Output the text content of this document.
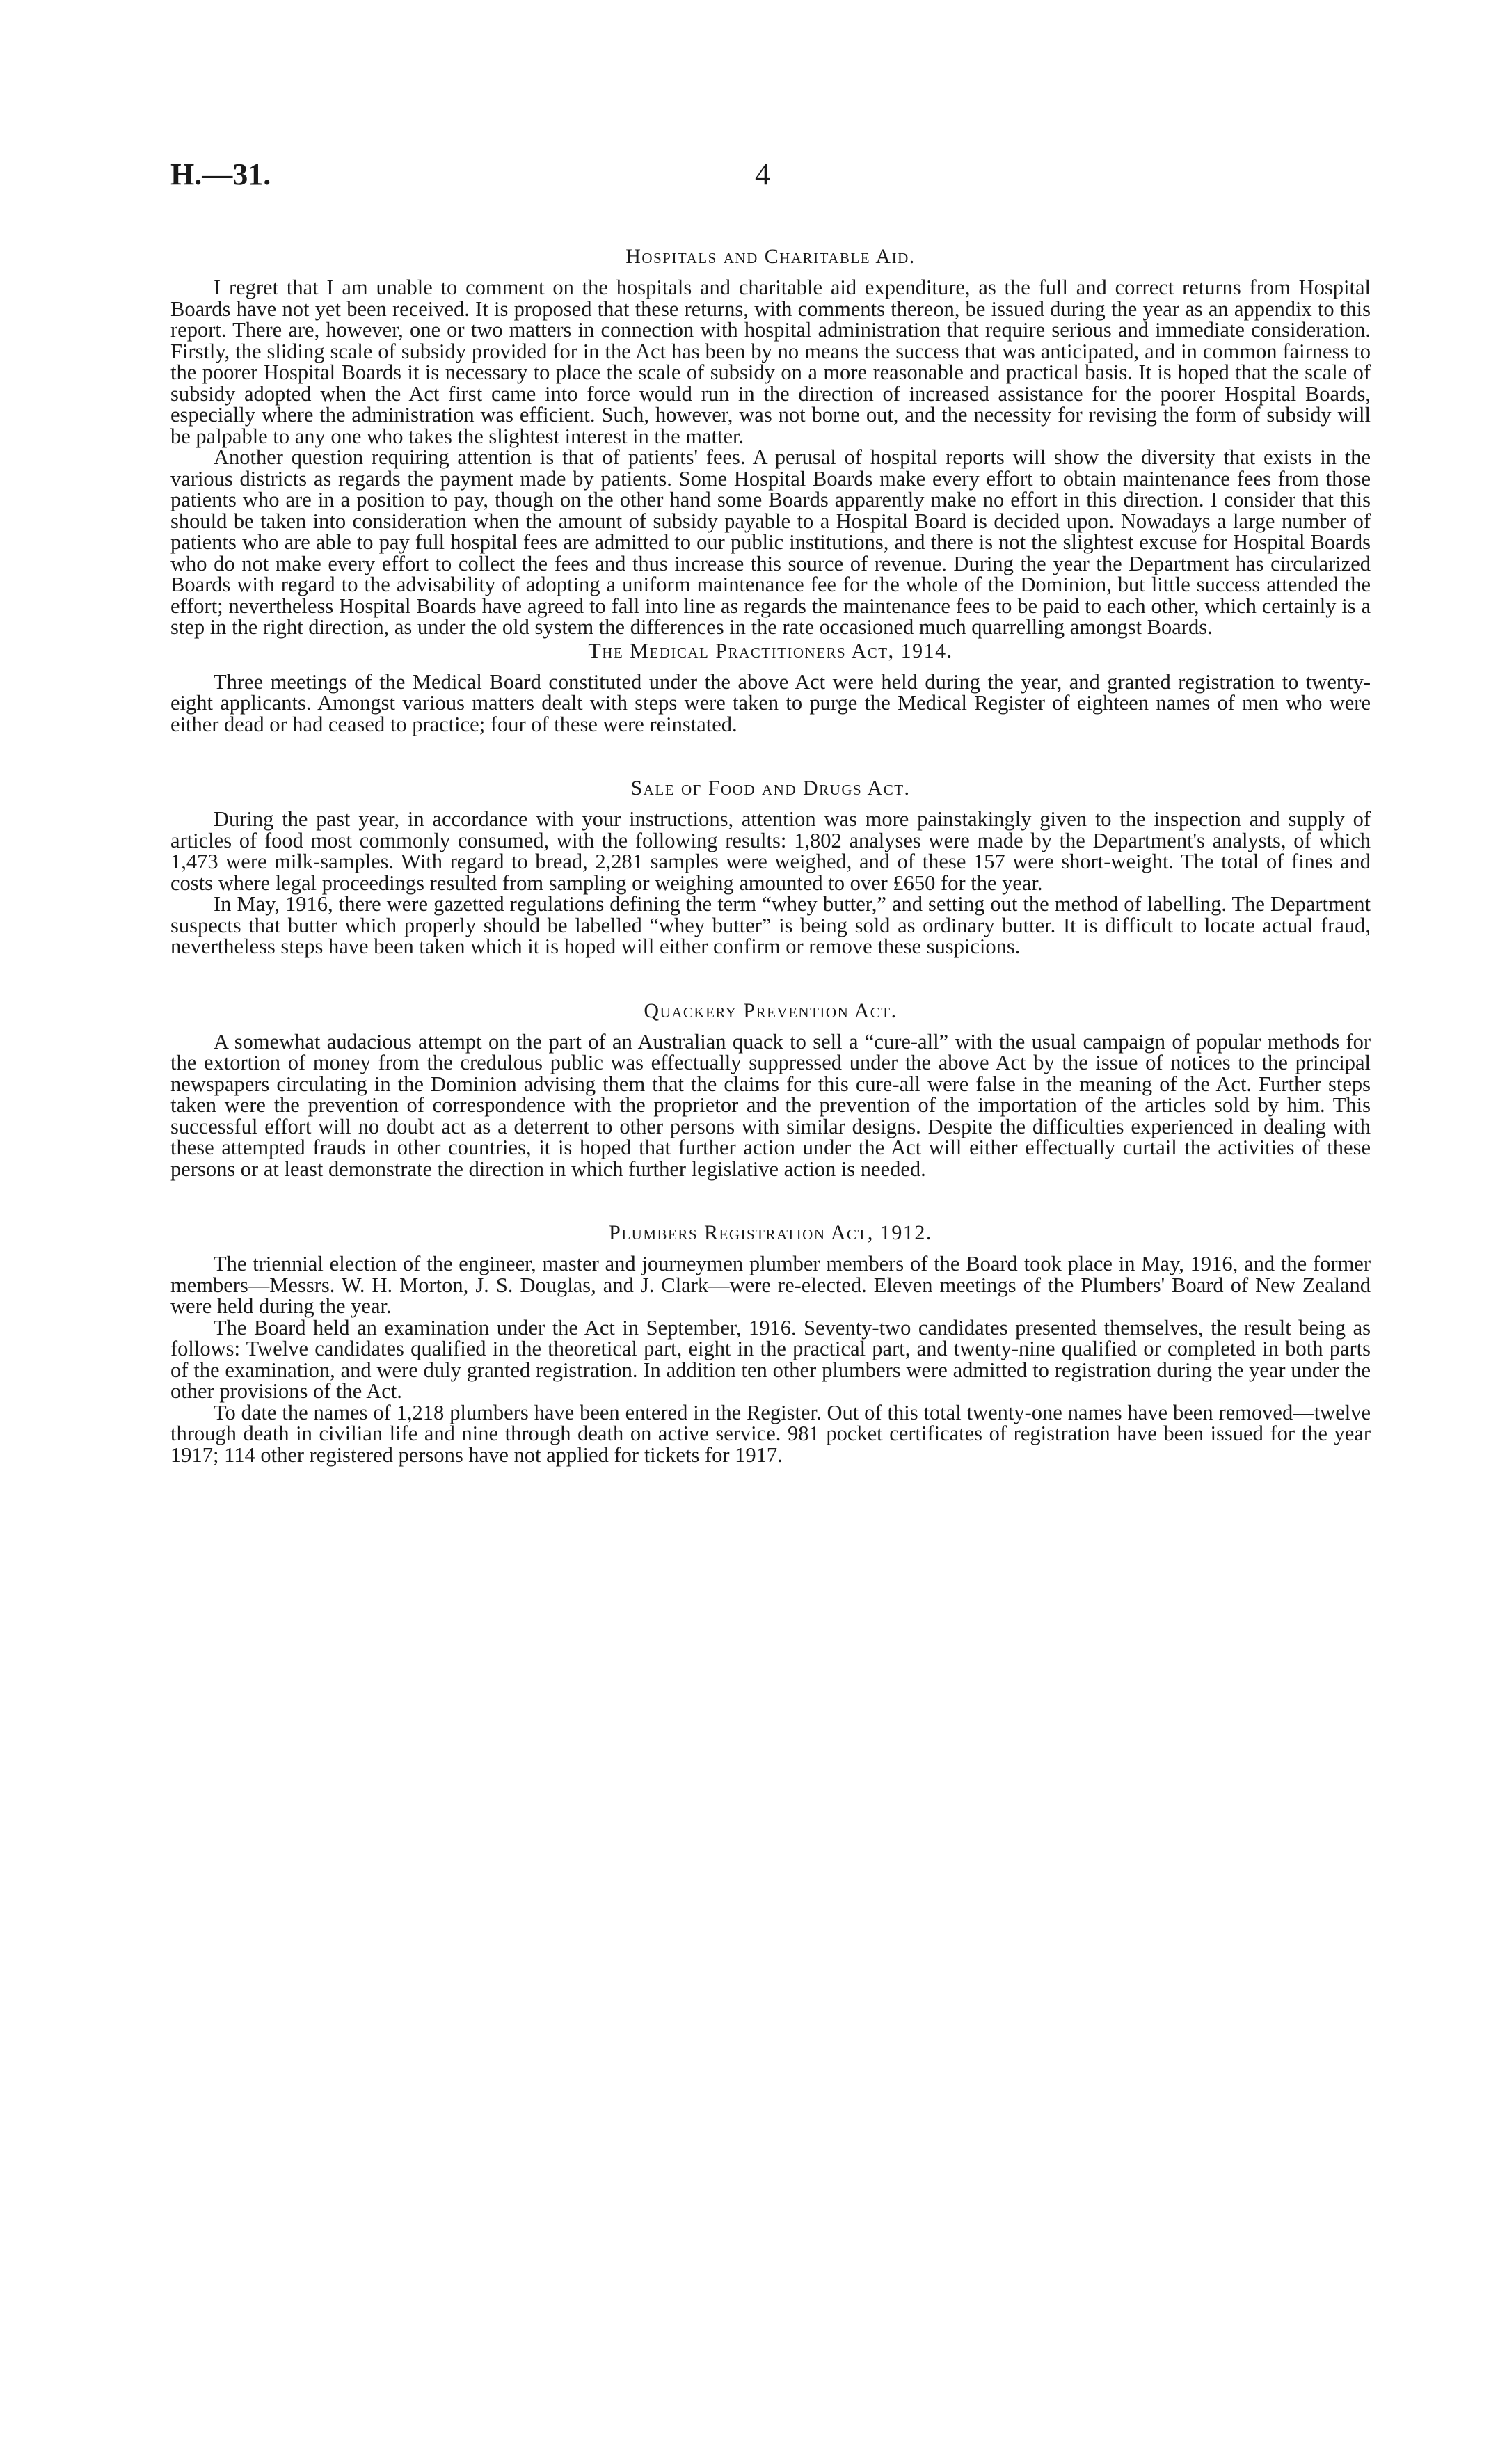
H.—31.	4
Hospitals and Charitable Aid.

I regret that I am unable to comment on the hospitals and charitable aid expenditure, as the full and correct returns from Hospital Boards have not yet been received. It is proposed that these returns, with comments thereon, be issued during the year as an appendix to this report. There are, however, one or two matters in connection with hospital administration that require serious and immediate consideration. Firstly, the sliding scale of subsidy provided for in the Act has been by no means the success that was anticipated, and in common fairness to the poorer Hospital Boards it is necessary to place the scale of subsidy on a more reasonable and practical basis. It is hoped that the scale of subsidy adopted when the Act first came into force would run in the direction of increased assistance for the poorer Hospital Boards, especially where the administration was efficient. Such, however, was not borne out, and the necessity for revising the form of subsidy will be palpable to any one who takes the slightest interest in the matter.

Another question requiring attention is that of patients' fees. A perusal of hospital reports will show the diversity that exists in the various districts as regards the payment made by patients. Some Hospital Boards make every effort to obtain maintenance fees from those patients who are in a position to pay, though on the other hand some Boards apparently make no effort in this direction. I consider that this should be taken into consideration when the amount of subsidy payable to a Hospital Board is decided upon. Nowadays a large number of patients who are able to pay full hospital fees are admitted to our public institutions, and there is not the slightest excuse for Hospital Boards who do not make every effort to collect the fees and thus increase this source of revenue. During the year the Department has circularized Boards with regard to the advisability of adopting a uniform maintenance fee for the whole of the Dominion, but little success attended the effort; nevertheless Hospital Boards have agreed to fall into line as regards the maintenance fees to be paid to each other, which certainly is a step in the right direction, as under the old system the differences in the rate occasioned much quarrelling amongst Boards.

The Medical Practitioners Act, 1914.

Three meetings of the Medical Board constituted under the above Act were held during the year, and granted registration to twenty-eight applicants. Amongst various matters dealt with steps were taken to purge the Medical Register of eighteen names of men who were either dead or had ceased to practice; four of these were reinstated.

Sale of Food and Drugs Act.

During the past year, in accordance with your instructions, attention was more painstakingly given to the inspection and supply of articles of food most commonly consumed, with the following results: 1,802 analyses were made by the Department's analysts, of which 1,473 were milk-samples. With regard to bread, 2,281 samples were weighed, and of these 157 were short-weight. The total of fines and costs where legal proceedings resulted from sampling or weighing amounted to over £650 for the year.

In May, 1916, there were gazetted regulations defining the term “whey butter,” and setting out the method of labelling. The Department suspects that butter which properly should be labelled “whey butter” is being sold as ordinary butter. It is difficult to locate actual fraud, nevertheless steps have been taken which it is hoped will either confirm or remove these suspicions.

Quackery Prevention Act.

A somewhat audacious attempt on the part of an Australian quack to sell a “cure-all” with the usual campaign of popular methods for the extortion of money from the credulous public was effectually suppressed under the above Act by the issue of notices to the principal newspapers circulating in the Dominion advising them that the claims for this cure-all were false in the meaning of the Act. Further steps taken were the prevention of correspondence with the proprietor and the prevention of the importation of the articles sold by him. This successful effort will no doubt act as a deterrent to other persons with similar designs. Despite the difficulties experienced in dealing with these attempted frauds in other countries, it is hoped that further action under the Act will either effectually curtail the activities of these persons or at least demonstrate the direction in which further legislative action is needed.

Plumbers Registration Act, 1912.

The triennial election of the engineer, master and journeymen plumber members of the Board took place in May, 1916, and the former members—Messrs. W. H. Morton, J. S. Douglas, and J. Clark—were re-elected. Eleven meetings of the Plumbers' Board of New Zealand were held during the year.

The Board held an examination under the Act in September, 1916. Seventy-two candidates presented themselves, the result being as follows: Twelve candidates qualified in the theoretical part, eight in the practical part, and twenty-nine qualified or completed in both parts of the examination, and were duly granted registration. In addition ten other plumbers were admitted to registration during the year under the other provisions of the Act.

To date the names of 1,218 plumbers have been entered in the Register. Out of this total twenty-one names have been removed—twelve through death in civilian life and nine through death on active service. 981 pocket certificates of registration have been issued for the year 1917; 114 other registered persons have not applied for tickets for 1917.
